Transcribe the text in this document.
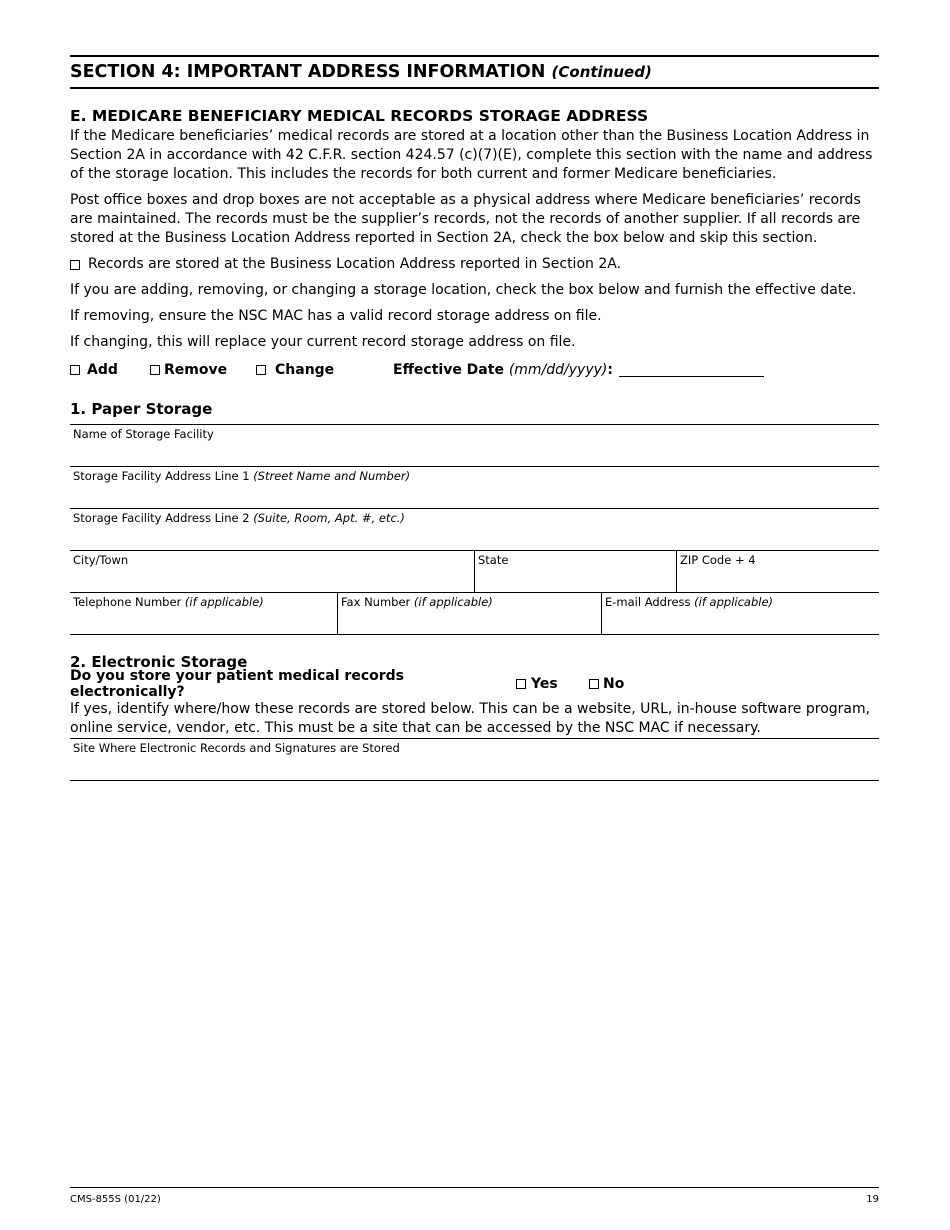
SECTION 4: IMPORTANT ADDRESS INFORMATION (Continued)
E. MEDICARE BENEFICIARY MEDICAL RECORDS STORAGE ADDRESS

If the Medicare beneficiaries’ medical records are stored at a location other than the Business Location Address in Section 2A in accordance with 42 C.F.R. section 424.57 (c)(7)(E), complete this section with the name and address of the storage location. This includes the records for both current and former Medicare beneficiaries.

Post office boxes and drop boxes are not acceptable as a physical address where Medicare beneficiaries’ records are maintained. The records must be the supplier’s records, not the records of another supplier. If all records are stored at the Business Location Address reported in Section 2A, check the box below and skip this section.

Records are stored at the Business Location Address reported in Section 2A.

If you are adding, removing, or changing a storage location, check the box below and furnish the effective date.

If removing, ensure the NSC MAC has a valid record storage address on file.

If changing, this will replace your current record storage address on file.

Add	Remove	Change	Effective Date
(mm/dd/yyyy) :
1. Paper Storage
Name of Storage Facility
Storage Facility Address Line 1 (Street Name and Number)
Storage Facility Address Line 2 (Suite, Room, Apt. #, etc.)
City/Town	State	ZIP Code + 4
Telephone Number (if applicable)	Fax Number (if applicable)	E-mail Address (if applicable)
2. Electronic Storage
Do you store your patient medical records electronically?	Yes	No

If yes, identify where/how these records are stored below. This can be a website, URL, in-house software program, online service, vendor, etc. This must be a site that can be accessed by the NSC MAC if necessary.

Site Where Electronic Records and Signatures are Stored
CMS-855S (01/22)	19
